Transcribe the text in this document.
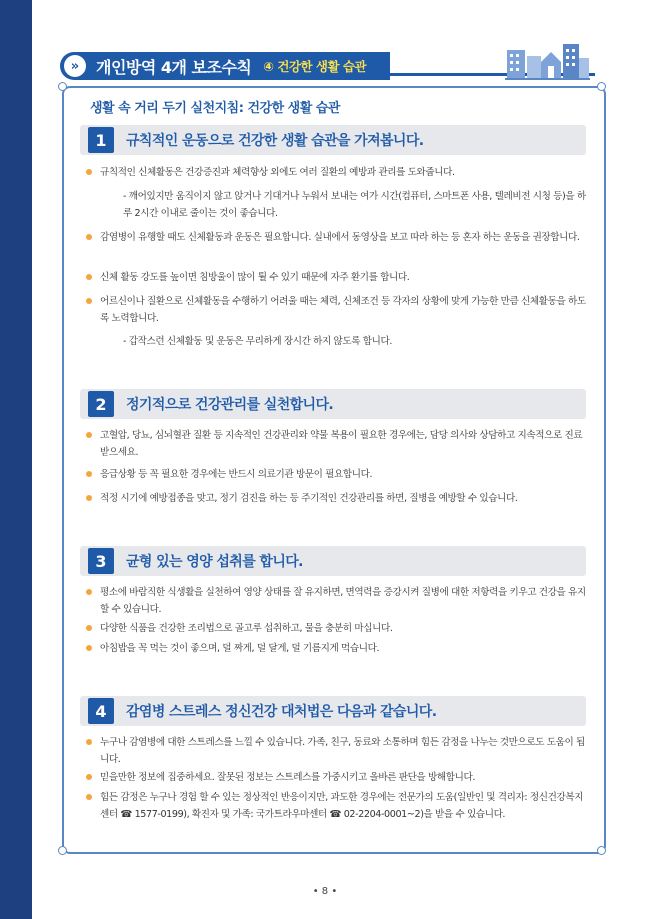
»	개인방역 4개 보조수칙 ④ 건강한 생활 습관
생활 속 거리 두기 실천지침: 건강한 생활 습관
1	규칙적인 운동으로 건강한 생활 습관을 가져봅니다.
규칙적인 신체활동은 건강증진과 체력향상 외에도 여러 질환의 예방과 관리를 도와줍니다.
- 깨어있지만 움직이지 않고 앉거나 기대거나 누워서 보내는 여가 시간(컴퓨터, 스마트폰 사용, 텔레비전 시청 등)을 하루 2시간 이내로 줄이는 것이 좋습니다.
감염병이 유행할 때도 신체활동과 운동은 필요합니다. 실내에서 동영상을 보고 따라 하는 등 혼자 하는 운동을 권장합니다.
신체 활동 강도를 높이면 침방울이 많이 튈 수 있기 때문에 자주 환기를 합니다.
어르신이나 질환으로 신체활동을 수행하기 어려울 때는 체력, 신체조건 등 각자의 상황에 맞게 가능한 만큼 신체활동을 하도록 노력합니다.
- 갑작스런 신체활동 및 운동은 무리하게 장시간 하지 않도록 합니다.
2	정기적으로 건강관리를 실천합니다.
고혈압, 당뇨, 심뇌혈관 질환 등 지속적인 건강관리와 약물 복용이 필요한 경우에는, 담당 의사와 상담하고 지속적으로 진료받으세요.
응급상황 등 꼭 필요한 경우에는 반드시 의료기관 방문이 필요합니다.
적정 시기에 예방접종을 맞고, 정기 검진을 하는 등 주기적인 건강관리를 하면, 질병을 예방할 수 있습니다.
3	균형 있는 영양 섭취를 합니다.
평소에 바람직한 식생활을 실천하여 영양 상태를 잘 유지하면, 면역력을 증강시켜 질병에 대한 저항력을 키우고 건강을 유지할 수 있습니다.
다양한 식품을 건강한 조리법으로 골고루 섭취하고, 물을 충분히 마십니다.
아침밥을 꼭 먹는 것이 좋으며, 덜 짜게, 덜 달게, 덜 기름지게 먹습니다.
4	감염병 스트레스 정신건강 대처법은 다음과 같습니다.
누구나 감염병에 대한 스트레스를 느낄 수 있습니다. 가족, 친구, 동료와 소통하며 힘든 감정을 나누는 것만으로도 도움이 됩니다.
믿을만한 정보에 집중하세요. 잘못된 정보는 스트레스를 가중시키고 올바른 판단을 방해합니다.
힘든 감정은 누구나 경험 할 수 있는 정상적인 반응이지만, 과도한 경우에는 전문가의 도움(일반인 및 격리자: 정신건강복지센터 ☎ 1577-0199), 확진자 및 가족: 국가트라우마센터 ☎ 02-2204-0001~2)을 받을 수 있습니다.
• 8 •
